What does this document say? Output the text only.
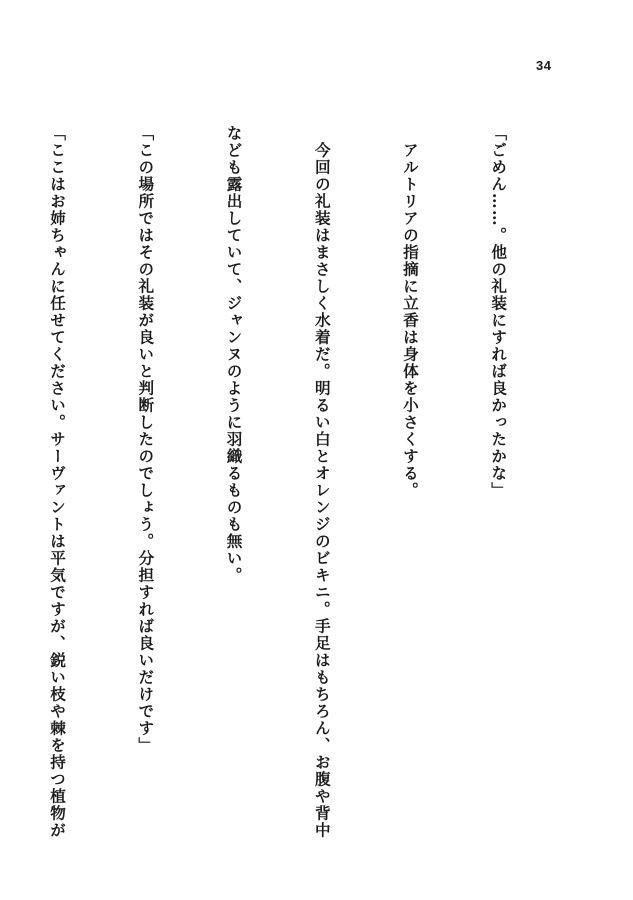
34

「ごめん……。他の礼装にすれば良かったかな」

　アルトリアの指摘に立香は身体を小さくする。

　今回の礼装はまさしく水着だ。明るい白とオレンジのビキニ。手足はもちろん、お腹や背中

なども露出していて、ジャンヌのように羽織るものも無い。

「この場所ではその礼装が良いと判断したのでしょう。分担すれば良いだけです」

「ここはお姉ちゃんに任せてください。サーヴァントは平気ですが、鋭い枝や棘を持つ植物が
